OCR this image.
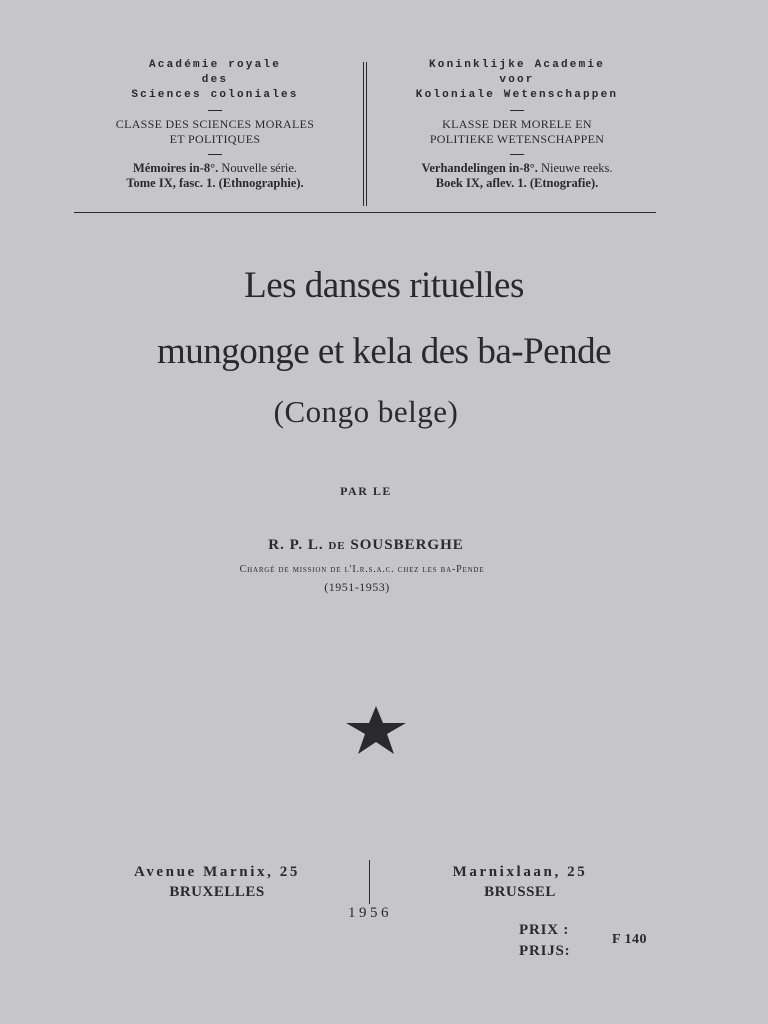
Académie royale
des
Sciences coloniales
CLASSE DES SCIENCES MORALES
ET POLITIQUES
Mémoires in-8°. Nouvelle série.
Tome IX, fasc. 1. (Ethnographie).
Koninklijke Academie
voor
Koloniale Wetenschappen
KLASSE DER MORELE EN
POLITIEKE WETENSCHAPPEN
Verhandelingen in-8°. Nieuwe reeks.
Boek IX, aflev. 1. (Etnografie).
Les danses rituelles
mungonge et kela des ba-Pende
(Congo belge)
PAR LE
R. P. L. DE SOUSBERGHE
Chargé de mission de l'I.r.s.a.c. chez les ba-Pende
(1951-1953)
Avenue Marnix, 25
BRUXELLES
Marnixlaan, 25
BRUSSEL
1956
PRIX :
PRIJS:
F 140
